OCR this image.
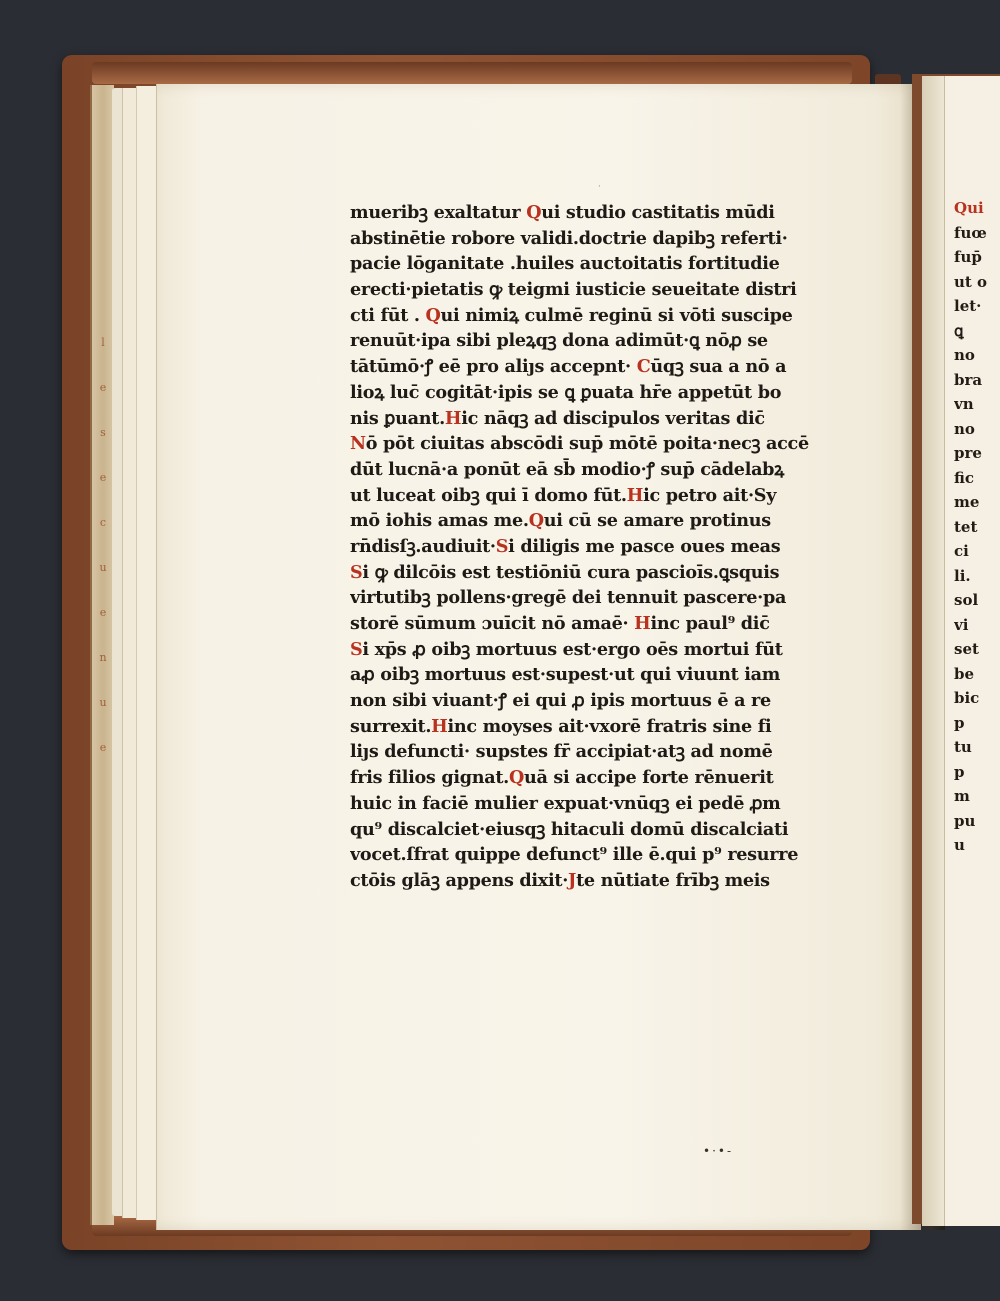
l
e
s
e
c
u
e
n
u
e
·
mueribꝫ exaltatur Qui studio castitatis mūdi
abstinētie robore validi.doctrie dapibꝫ referti·
pacie lōganitate .huiles auctoitatis fortitudie
erecti·pietatis ꝙ teigmi iusticie seueitate distri
cti fūt . Qui nimiꝝ culmē reginū si vōti suscipe
renuūt·ipa sibi pleꝝqꝫ dona adimūt·ꝗ nōꝓ se
tātūmō·ꝭ eē pro aliȷs accepnt· Cūqꝫ sua a nō a
lioꝝ luc̄ cogitāt·ipis se ꝗ ꝑuata hr̄e appetūt bo
nis ꝑuant.Hic nāqꝫ ad discipulos veritas dic̄
Nō pōt ciuitas abscōdi sup̄ mōtē poita·necꝫ accē
dūt lucnā·a ponūt eā sb̄ modio·ꝭ sup̄ cādelabꝝ
ut luceat oibꝫ qui ī domo fūt.Hic petro ait·Sy
mō iohis amas me.Qui cū se amare protinus
rn̄disſꝫ.audiuit·Si diligis me pasce oues meas
Si ꝙ dilcōis est testiōniū cura pascioīs.ꝗsquis
virtutibꝫ pollens·gregē dei tennuit pascere·pa
storē sūmum ɔuīcit nō amaē· Hinc paul⁹ dic̄
Si xp̄s ꝓ oibꝫ mortuus est·ergo oēs mortui fūt
aꝓ oibꝫ mortuus est·supest·ut qui viuunt iam
non sibi viuant·ꝭ ei qui ꝓ ipis mortuus ē a re
surrexit.Hinc moyses ait·vxorē fratris sine fi
liȷs defuncti· supstes fr̄ accipiat·atꝫ ad nomē
fris filios gignat.Quā si accipe forte rēnuerit
huic in faciē mulier expuat·vnūqꝫ ei pedē ꝓm
qu⁹ discalciet·eiusqꝫ hitaculi domū discalciati
vocet.ſfrat quippe defunct⁹ ille ē.qui p⁹ resurre
ctōis glāꝫ appens dixit·Jte nūtiate frībꝫ meis
•·•-
Qui
fuœ
fup̄
ut o
let·
ꝗ
no
bra
vn
no
pre
fic
me
tet
ci
li.
sol
vi
set
be
bic
p
tu
p
m
pu
u
